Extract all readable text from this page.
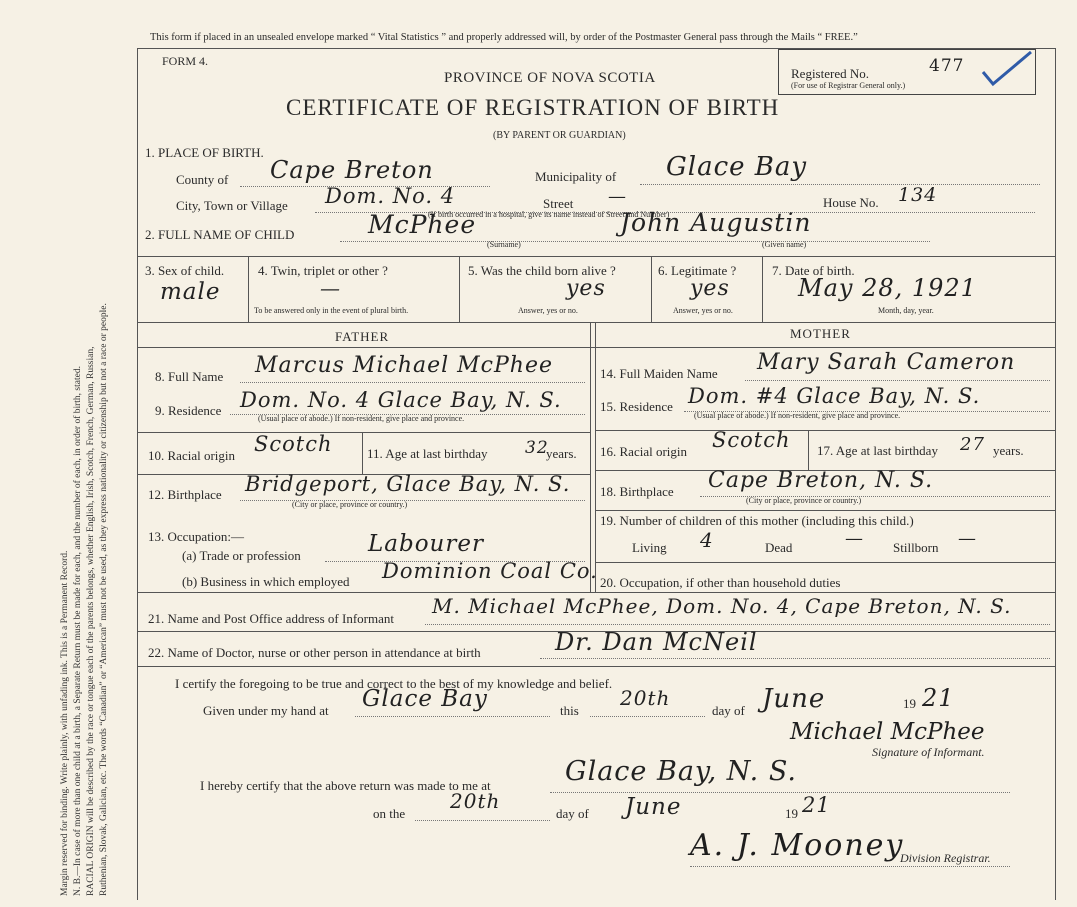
Margin reserved for binding. Write plainly, with unfading ink. This is a Permanent Record. N. B.—In case of more than one child at a birth, a Separate Return must be made for each, and the number of each, in order of birth, stated. RACIAL ORIGIN will be described by the race or tongue each of the parents belongs, whether English, Irish, Scotch, French, German, Russian, Ruthenian, Slovak, Galician, etc. The words “Canadian” or “American” must not be used, as they express nationality or citizenship but not a race or people.
This form if placed in an unsealed envelope marked “ Vital Statistics ” and properly addressed will, by order of the Postmaster General pass through the Mails “ FREE.”
FORM 4.
PROVINCE OF NOVA SCOTIA
CERTIFICATE OF REGISTRATION OF BIRTH
(BY PARENT OR GUARDIAN)
Registered No.	477
(For use of Registrar General only.)
1. PLACE OF BIRTH.
County of Cape Breton	Municipality of Glace Bay
City, Town or Village Dom. No. 4	Street —	House No. 134
(If birth occurred in a hospital, give its name instead of Street and Number)
2. FULL NAME OF CHILD	McPhee	John Augustin
(Surname)	(Given name)
3. Sex of child.
male
4. Twin, triplet or other ?
—
To be answered only in the event of plural birth.
5. Was the child born alive ?
yes
Answer, yes or no.
6. Legitimate ?
yes
Answer, yes or no.
7. Date of birth.
May 28, 1921
Month, day, year.
FATHER	MOTHER
8. Full Name Marcus Michael McPhee
9. Residence Dom. No. 4 Glace Bay, N. S.
(Usual place of abode.) If non-resident, give place and province.
10. Racial origin Scotch	11. Age at last birthday 32
years.
12. Birthplace Bridgeport, Glace Bay, N. S.
(City or place, province or country.)
13. Occupation:—
(a) Trade or profession	Labourer
(b) Business in which employed Dominion Coal Co.
14. Full Maiden Name Mary Sarah Cameron
15. Residence Dom. #4 Glace Bay, N. S.
(Usual place of abode.) If non-resident, give place and province.
16. Racial origin Scotch 17. Age at last birthday 27 years.
18. Birthplace Cape Breton, N. S.
(City or place, province or country.)
19. Number of children of this mother (including this child.)
Living 4	Dead	— Stillborn —
20. Occupation, if other than household duties
21. Name and Post Office address of Informant
M. Michael McPhee, Dom. No. 4, Cape Breton, N. S.
22. Name of Doctor, nurse or other person in attendance at birth	Dr. Dan McNeil
I certify the foregoing to be true and correct to the best of my knowledge and belief.
Given under my hand at Glace Bay	this
20th
day of June	19 21
Michael McPhee
Signature of Informant.
I hereby certify that the above return was made to me at	Glace Bay, N. S.
on the
20th
day of June	19 21
A. J. Mooney
Division Registrar.
